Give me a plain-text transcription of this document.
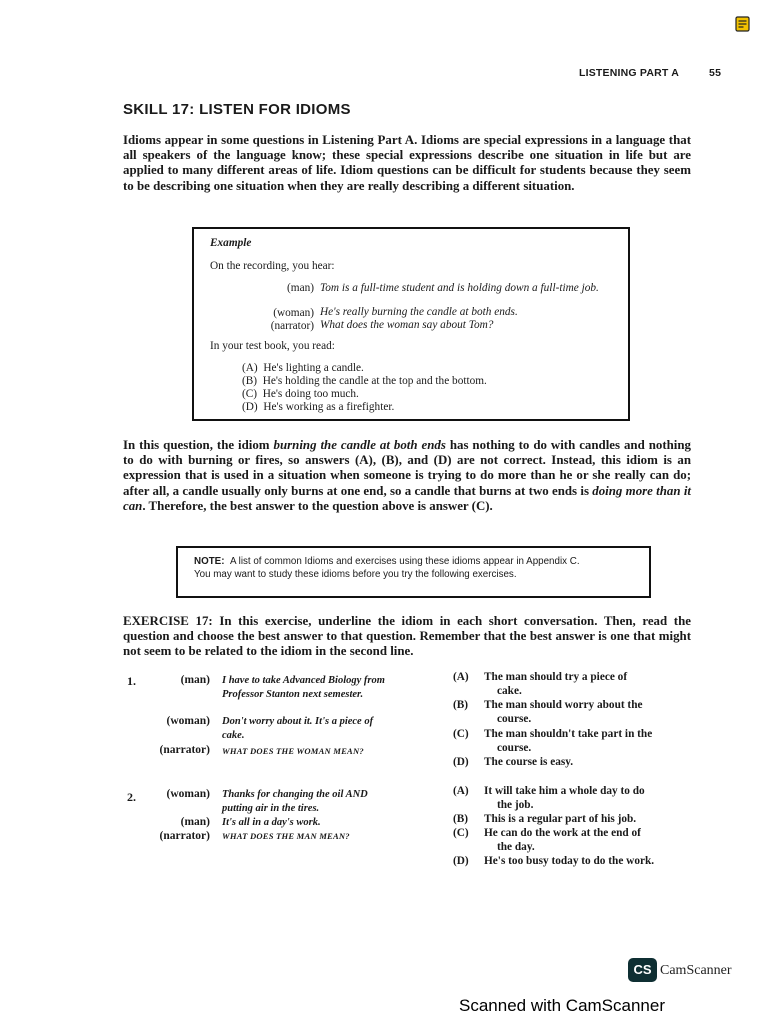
LISTENING PART A	55
SKILL 17: LISTEN FOR IDIOMS

Idioms appear in some questions in Listening Part A. Idioms are special expressions in a language that all speakers of the language know; these special expressions describe one situation in life but are applied to many different areas of life. Idiom questions can be difficult for students because they seem to be describing one situation when they are really describing a different situation.

Example
On the recording, you hear:
(man) Tom is a full-time student and is holding down a full-time job.
(woman) He's really burning the candle at both ends.
(narrator) What does the woman say about Tom?
In your test book, you read:
(A) He's lighting a candle.
(B) He's holding the candle at the top and the bottom.
(C) He's doing too much.
(D) He's working as a firefighter.

In this question, the idiom burning the candle at both ends has nothing to do with candles and nothing to do with burning or fires, so answers (A), (B), and (D) are not correct. Instead, this idiom is an expression that is used in a situation when someone is trying to do more than he or she really can do; after all, a candle usually only burns at one end, so a candle that burns at two ends is doing more than it can. Therefore, the best answer to the question above is answer (C).

NOTE: A list of common Idioms and exercises using these idioms appear in Appendix C.
You may want to study these idioms before you try the following exercises.

EXERCISE 17: In this exercise, underline the idiom in each short conversation. Then, read the question and choose the best answer to that question. Remember that the best answer is one that might not seem to be related to the idiom in the second line.

1.	(man) I have to take Advanced Biology from Professor Stanton next semester.
(woman) Don't worry about it. It's a piece of cake.
(narrator) WHAT DOES THE WOMAN MEAN?
(A) The man should try a piece of
cake.
(B) The man should worry about the
course.
(C) The man shouldn't take part in the
course.
(D) The course is easy.
2.	(woman) Thanks for changing the oil AND putting air in the tires.
(man) It's all in a day's work.
(narrator) WHAT DOES THE MAN MEAN?
(A) It will take him a whole day to do
the job.
(B) This is a regular part of his job.
(C) He can do the work at the end of
the day.
(D) He's too busy today to do the work.
CS CamScanner
Scanned with CamScanner
